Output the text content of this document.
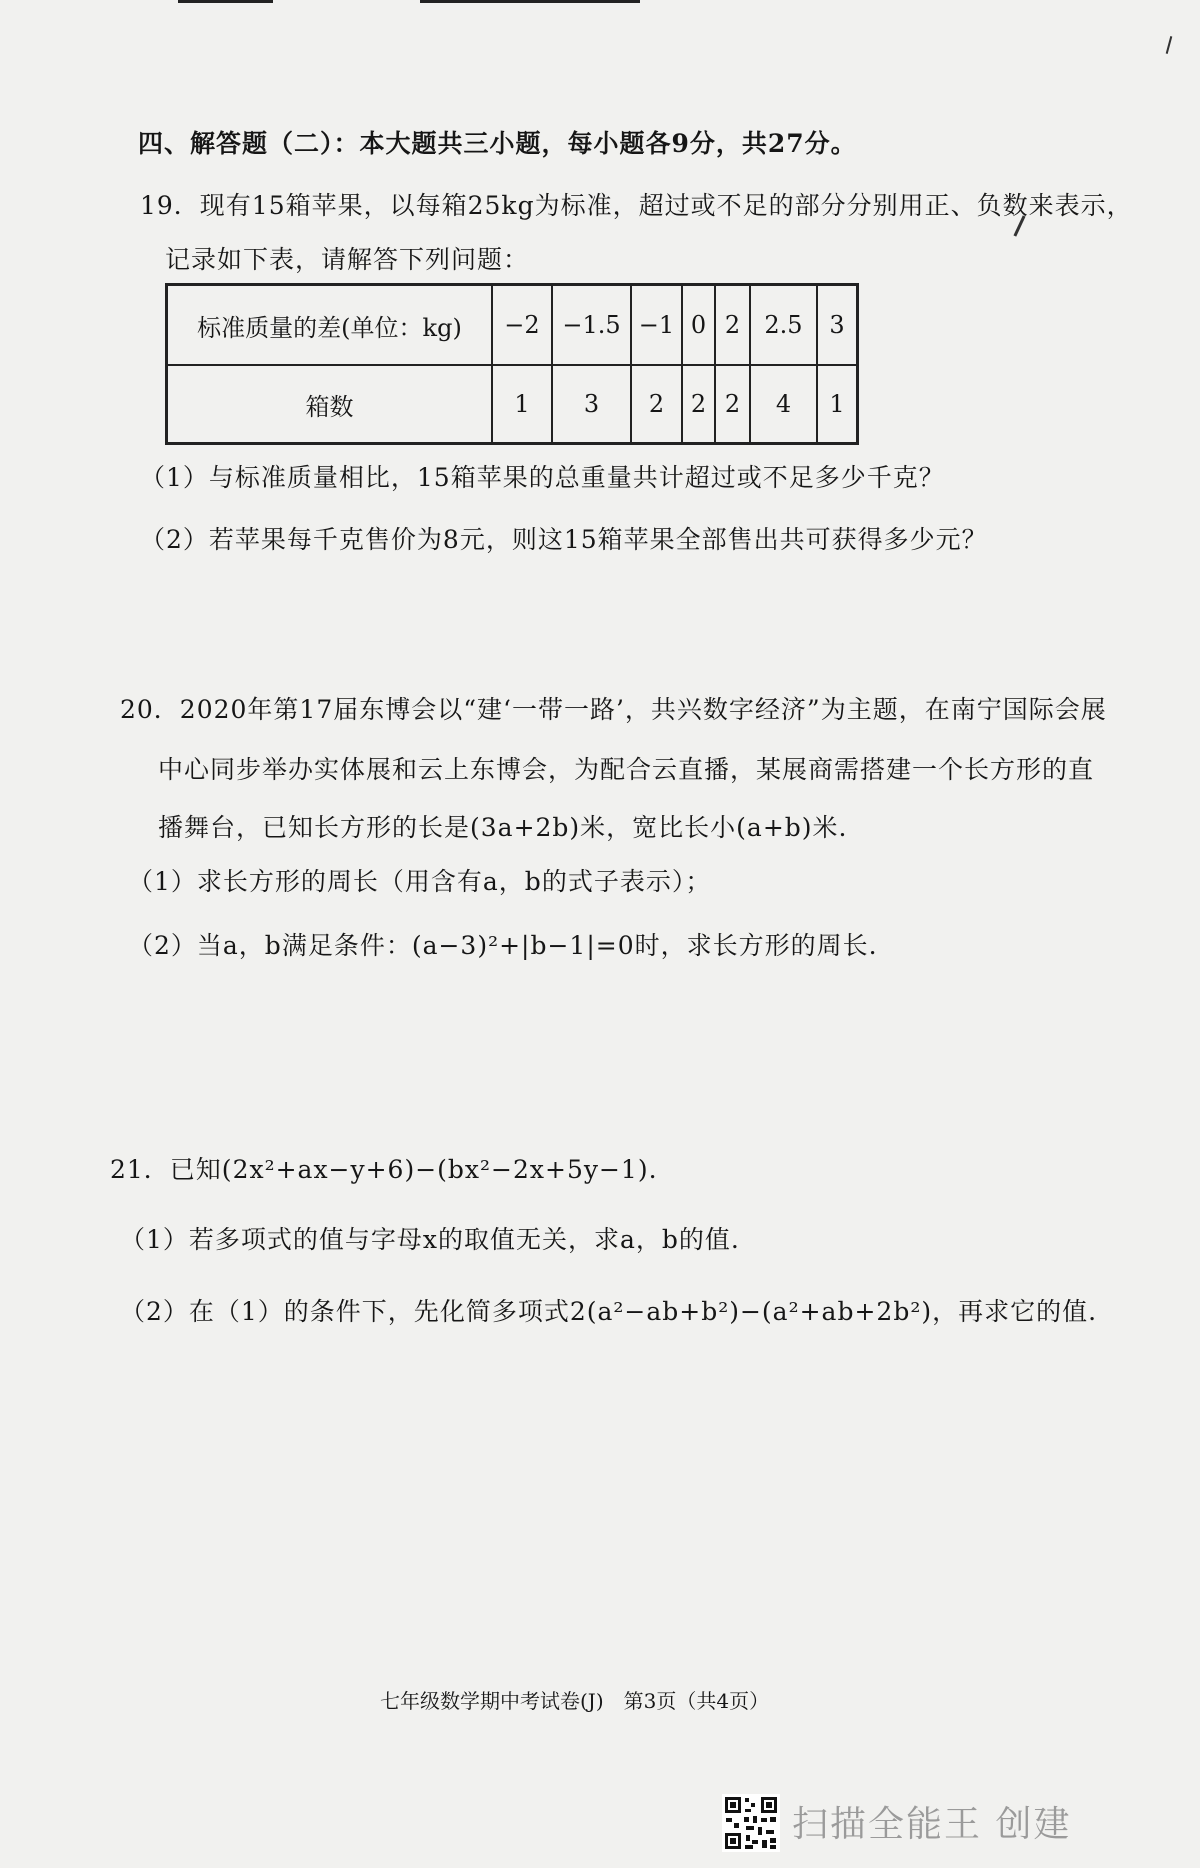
四、解答题（二）：本大题共三小题，每小题各9分，共27分。
19．现有15箱苹果，以每箱25kg为标准，超过或不足的部分分别用正、负数来表示，
记录如下表，请解答下列问题：
标准质量的差(单位：kg)	−2	−1.5	−1	0	2	2.5	3
箱数	1	3	2	2	2	4	1
（1）与标准质量相比，15箱苹果的总重量共计超过或不足多少千克？
（2）若苹果每千克售价为8元，则这15箱苹果全部售出共可获得多少元？
20．2020年第17届东博会以“建‘一带一路’，共兴数字经济”为主题，在南宁国际会展
中心同步举办实体展和云上东博会，为配合云直播，某展商需搭建一个长方形的直
播舞台，已知长方形的长是(3a+2b)米，宽比长小(a+b)米.
（1）求长方形的周长（用含有a，b的式子表示）；
（2）当a，b满足条件：(a−3)²+|b−1|=0时，求长方形的周长.
21．已知(2x²+ax−y+6)−(bx²−2x+5y−1).
（1）若多项式的值与字母x的取值无关，求a，b的值.
（2）在（1）的条件下，先化简多项式2(a²−ab+b²)−(a²+ab+2b²)，再求它的值.
七年级数学期中考试卷(J)　第3页（共4页）
扫描全能王 创建
